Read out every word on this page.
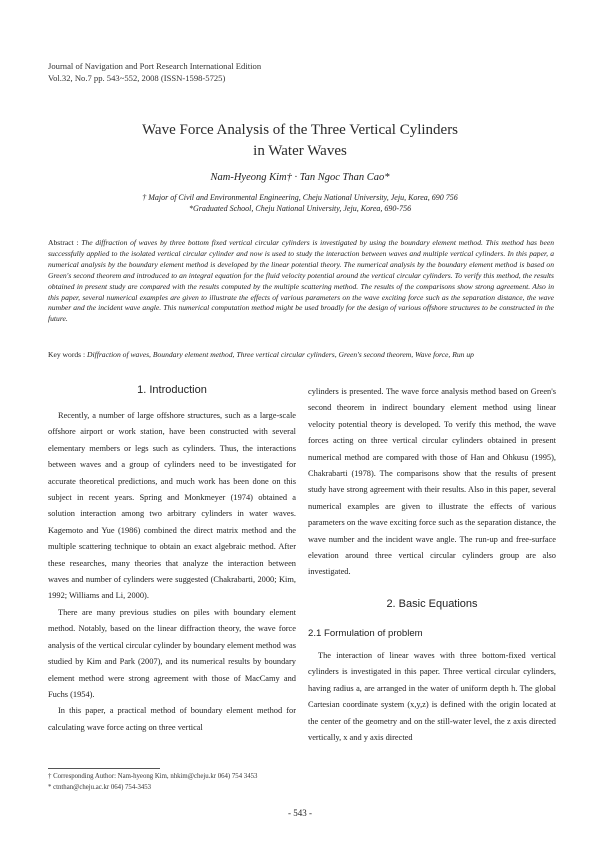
Journal of Navigation and Port Research International Edition
Vol.32, No.7 pp. 543~552, 2008 (ISSN-1598-5725)
Wave Force Analysis of the Three Vertical Cylinders
in Water Waves
Nam-Hyeong Kim† · Tan Ngoc Than Cao*
† Major of Civil and Environmental Engineering, Cheju National University, Jeju, Korea, 690 756
*Graduated School, Cheju National University, Jeju, Korea, 690-756
Abstract : The diffraction of waves by three bottom fixed vertical circular cylinders is investigated by using the boundary element method. This method has been successfully applied to the isolated vertical circular cylinder and now is used to study the interaction between waves and multiple vertical cylinders. In this paper, a numerical analysis by the boundary element method is developed by the linear potential theory. The numerical analysis by the boundary element method is based on Green's second theorem and introduced to an integral equation for the fluid velocity potential around the vertical circular cylinders. To verify this method, the results obtained in present study are compared with the results computed by the multiple scattering method. The results of the comparisons show strong agreement. Also in this paper, several numerical examples are given to illustrate the effects of various parameters on the wave exciting force such as the separation distance, the wave number and the incident wave angle. This numerical computation method might be used broadly for the design of various offshore structures to be constructed in the future.
Key words : Diffraction of waves, Boundary element method, Three vertical circular cylinders, Green's second theorem, Wave force, Run up
1. Introduction

Recently, a number of large offshore structures, such as a large-scale offshore airport or work station, have been constructed with several elementary members or legs such as cylinders. Thus, the interactions between waves and a group of cylinders need to be investigated for accurate theoretical predictions, and much work has been done on this subject in recent years. Spring and Monkmeyer (1974) obtained a solution interaction among two arbitrary cylinders in water waves. Kagemoto and Yue (1986) combined the direct matrix method and the multiple scattering technique to obtain an exact algebraic method. After these researches, many theories that analyze the interaction between waves and number of cylinders were suggested (Chakrabarti, 2000; Kim, 1992; Williams and Li, 2000).

There are many previous studies on piles with boundary element method. Notably, based on the linear diffraction theory, the wave force analysis of the vertical circular cylinder by boundary element method was studied by Kim and Park (2007), and its numerical results by boundary element method were strong agreement with those of MacCamy and Fuchs (1954).

In this paper, a practical method of boundary element method for calculating wave force acting on three vertical

cylinders is presented. The wave force analysis method based on Green's second theorem in indirect boundary element method using linear velocity potential theory is developed. To verify this method, the wave forces acting on three vertical circular cylinders obtained in present numerical method are compared with those of Han and Ohkusu (1995), Chakrabarti (1978). The comparisons show that the results of present study have strong agreement with their results. Also in this paper, several numerical examples are given to illustrate the effects of various parameters on the wave exciting force such as the separation distance, the wave number and the incident wave angle. The run-up and free-surface elevation around three vertical circular cylinders group are also investigated.

2. Basic Equations
2.1 Formulation of problem

The interaction of linear waves with three bottom-fixed vertical cylinders is investigated in this paper. Three vertical circular cylinders, having radius a, are arranged in the water of uniform depth h. The global Cartesian coordinate system (x,y,z) is defined with the origin located at the center of the geometry and on the still-water level, the z axis directed vertically, x and y axis directed

† Corresponding Author: Nam-hyeong Kim, nhkim@cheju.kr 064) 754 3453
* ctnthan@cheju.ac.kr 064) 754-3453
- 543 -
